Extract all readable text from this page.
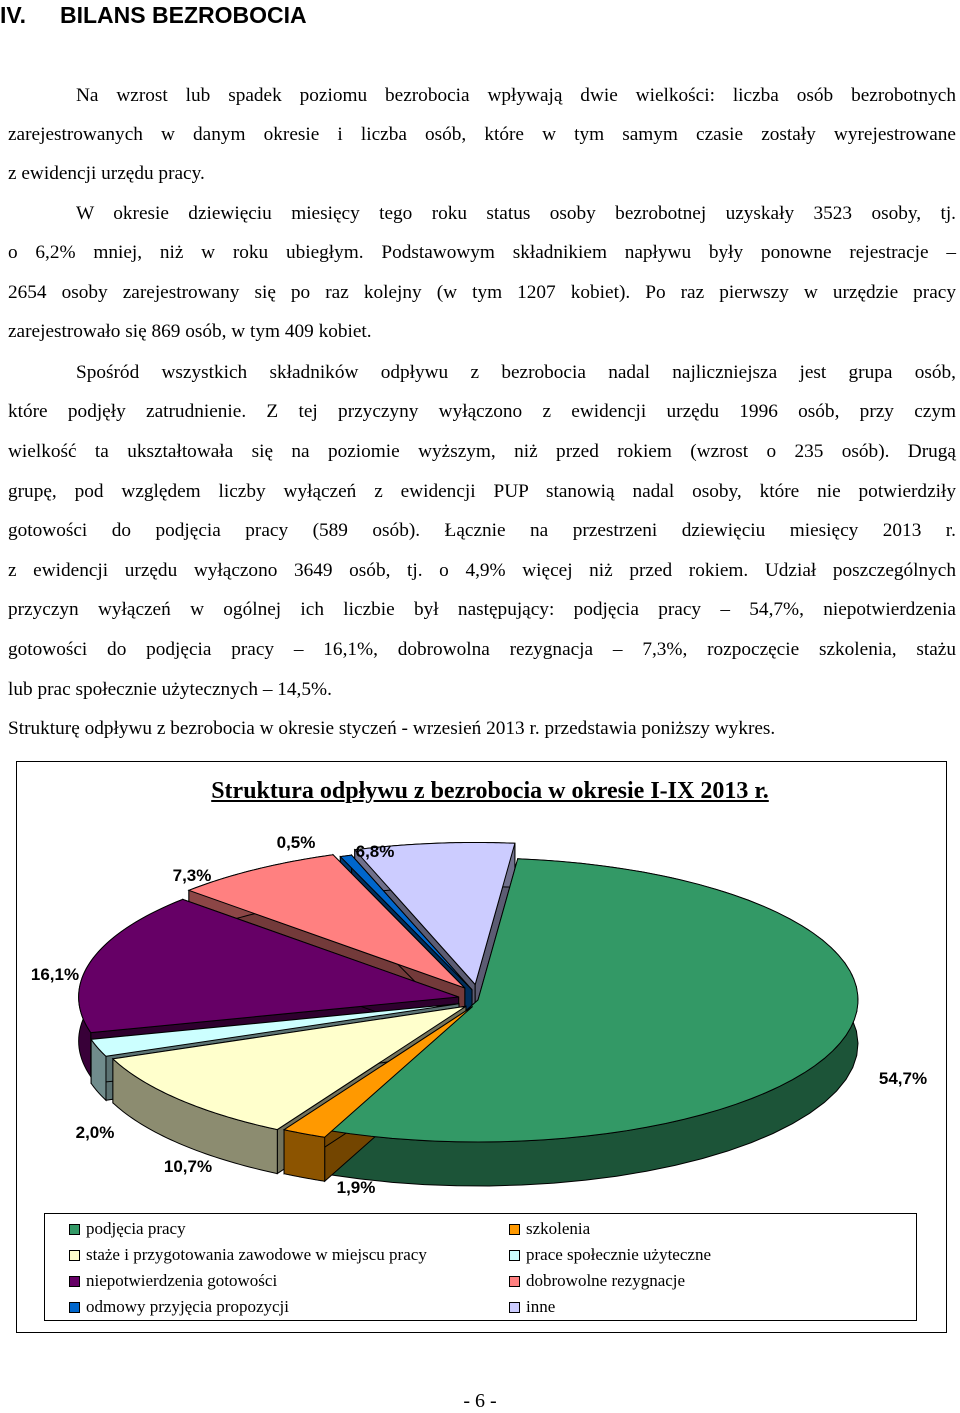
IV. BILANS BEZROBOCIA
Na wzrost lub spadek poziomu bezrobocia wpływają dwie wielkości: liczba osób bezrobotnych
zarejestrowanych w danym okresie i liczba osób, które w tym samym czasie zostały wyrejestrowane
z ewidencji urzędu pracy.
W okresie dziewięciu miesięcy tego roku status osoby bezrobotnej uzyskały 3523 osoby, tj.
o 6,2% mniej, niż w roku ubiegłym. Podstawowym składnikiem napływu były ponowne rejestracje –
2654 osoby zarejestrowany się po raz kolejny (w tym 1207 kobiet). Po raz pierwszy w urzędzie pracy
zarejestrowało się 869 osób, w tym 409 kobiet.
Spośród wszystkich składników odpływu z bezrobocia nadal najliczniejsza jest grupa osób,
które podjęły zatrudnienie. Z tej przyczyny wyłączono z ewidencji urzędu 1996 osób, przy czym
wielkość ta ukształtowała się na poziomie wyższym, niż przed rokiem (wzrost o 235 osób). Drugą
grupę, pod względem liczby wyłączeń z ewidencji PUP stanowią nadal osoby, które nie potwierdziły
gotowości do podjęcia pracy (589 osób). Łącznie na przestrzeni dziewięciu miesięcy 2013 r.
z ewidencji urzędu wyłączono 3649 osób, tj. o 4,9% więcej niż przed rokiem. Udział poszczególnych
przyczyn wyłączeń w ogólnej ich liczbie był następujący: podjęcia pracy – 54,7%, niepotwierdzenia
gotowości do podjęcia pracy – 16,1%, dobrowolna rezygnacja – 7,3%, rozpoczęcie szkolenia, stażu
lub prac społecznie użytecznych – 14,5%.
Strukturę odpływu z bezrobocia w okresie styczeń - wrzesień 2013 r. przedstawia poniższy wykres.
Struktura odpływu z bezrobocia w okresie I-IX 2013 r.
54,7%
1,9%
10,7%
2,0%
16,1%
7,3%
0,5% 6,8%
podjęcia pracy	szkolenia
staże i przygotowania zawodowe w miejscu pracy	prace społecznie użyteczne
niepotwierdzenia gotowości	dobrowolne rezygnacje
odmowy przyjęcia propozycji	inne
- 6 -
